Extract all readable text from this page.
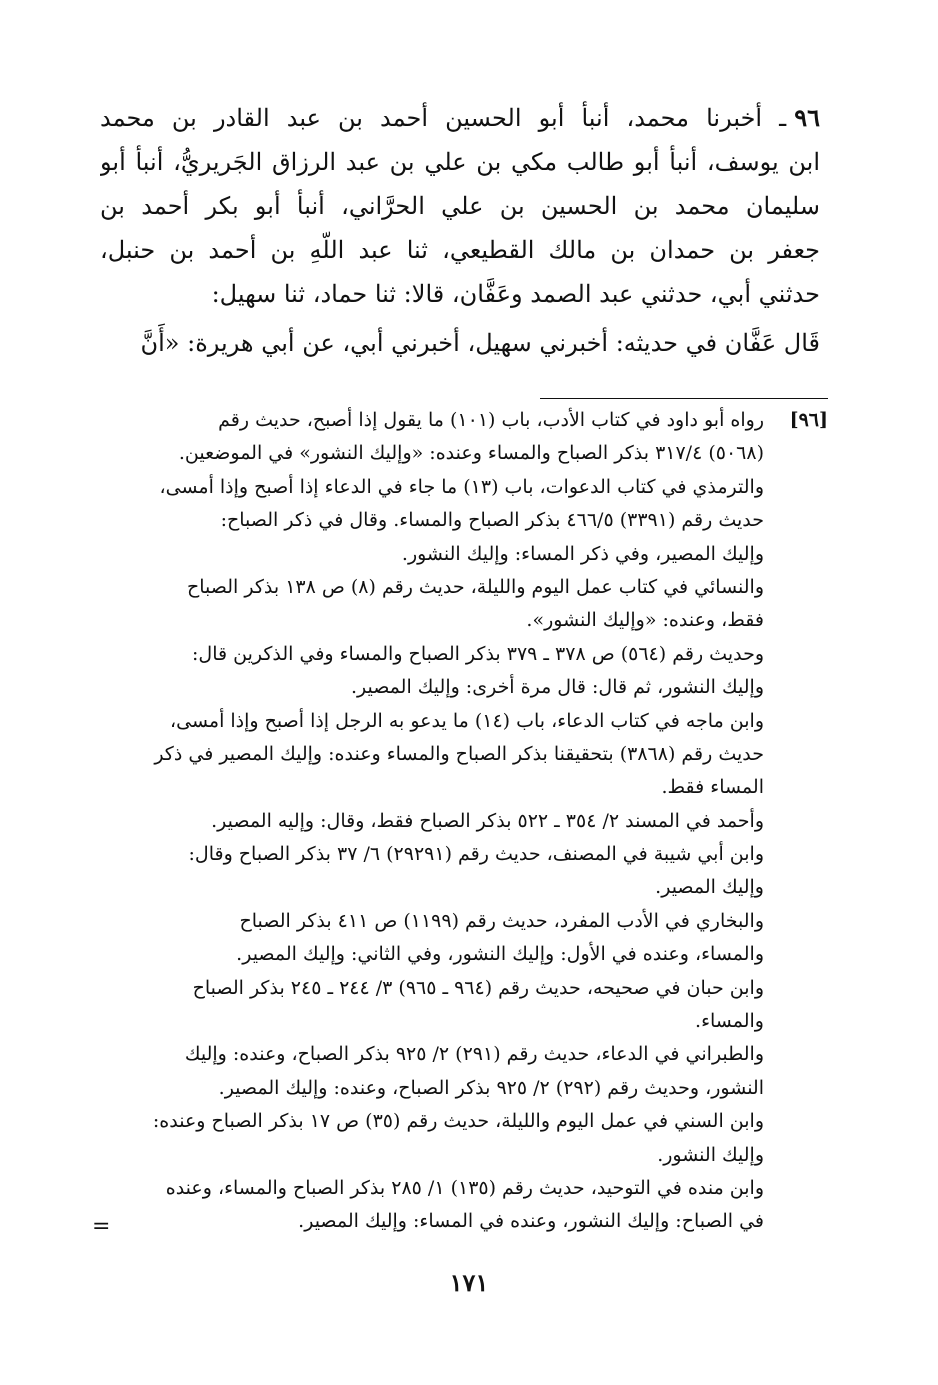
٩٦ـ أخبرنا محمد، أنبأ أبو الحسين أحمد بن عبد القادر بن محمد
ابن يوسف، أنبأ أبو طالب مكي بن علي بن عبد الرزاق الجَريريُّ، أنبأ أبو
سليمان محمد بن الحسين بن علي الحرَّاني، أنبأ أبو بكر أحمد بن
جعفر بن حمدان بن مالك القطيعي، ثنا عبد اللّهِ بن أحمد بن حنبل،
حدثني أبي، حدثني عبد الصمد وعَفَّان، قالا: ثنا حماد، ثنا سهيل:
قَال عَفَّان في حديثه: أخبرني سهيل، أخبرني أبي، عن أبي هريرة: «أَنَّ
[٩٦]
رواه أبو داود في كتاب الأدب، باب (١٠١) ما يقول إذا أصبح، حديث رقم
(٥٠٦٨) ٣١٧/٤ بذكر الصباح والمساء وعنده: «وإليك النشور» في الموضعين.
والترمذي في كتاب الدعوات، باب (١٣) ما جاء في الدعاء إذا أصبح وإذا أمسى،
حديث رقم (٣٣٩١) ٤٦٦/٥ بذكر الصباح والمساء. وقال في ذكر الصباح:
وإليك المصير، وفي ذكر المساء: وإليك النشور.
والنسائي في كتاب عمل اليوم والليلة، حديث رقم (٨) ص ١٣٨ بذكر الصباح
فقط، وعنده: «وإليك النشور».
وحديث رقم (٥٦٤) ص ٣٧٨ ـ ٣٧٩ بذكر الصباح والمساء وفي الذكرين قال:
وإليك النشور، ثم قال: قال مرة أخرى: وإليك المصير.
وابن ماجه في كتاب الدعاء، باب (١٤) ما يدعو به الرجل إذا أصبح وإذا أمسى،
حديث رقم (٣٨٦٨) بتحقيقنا بذكر الصباح والمساء وعنده: وإليك المصير في ذكر
المساء فقط.
وأحمد في المسند ٢/ ٣٥٤ ـ ٥٢٢ بذكر الصباح فقط، وقال: وإليه المصير.
وابن أبي شيبة في المصنف، حديث رقم (٢٩٢٩١) ٦/ ٣٧ بذكر الصباح وقال:
وإليك المصير.
والبخاري في الأدب المفرد، حديث رقم (١١٩٩) ص ٤١١ بذكر الصباح
والمساء، وعنده في الأول: وإليك النشور، وفي الثاني: وإليك المصير.
وابن حبان في صحيحه، حديث رقم (٩٦٤ ـ ٩٦٥) ٣/ ٢٤٤ ـ ٢٤٥ بذكر الصباح
والمساء.
والطبراني في الدعاء، حديث رقم (٢٩١) ٢/ ٩٢٥ بذكر الصباح، وعنده: وإليك
النشور، وحديث رقم (٢٩٢) ٢/ ٩٢٥ بذكر الصباح، وعنده: وإليك المصير.
وابن السني في عمل اليوم والليلة، حديث رقم (٣٥) ص ١٧ بذكر الصباح وعنده:
وإليك النشور.
وابن منده في التوحيد، حديث رقم (١٣٥) ١/ ٢٨٥ بذكر الصباح والمساء، وعنده
في الصباح: وإليك النشور، وعنده في المساء: وإليك المصير.
=
١٧١
